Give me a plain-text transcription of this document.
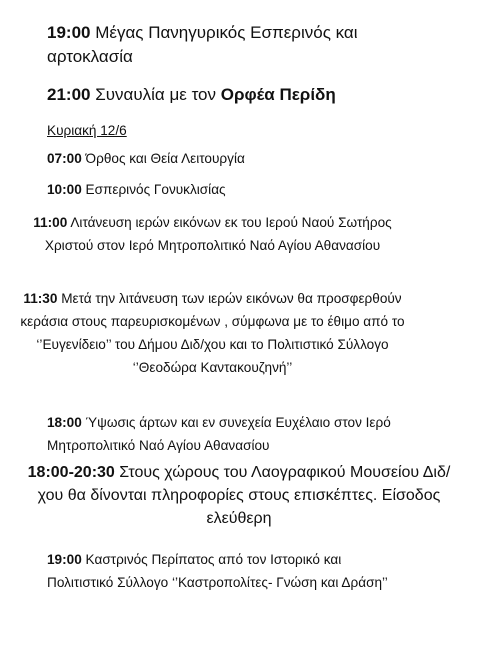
19:00 Μέγας Πανηγυρικός Εσπερινός και αρτοκλασία

21:00 Συναυλία με τον Ορφέα Περίδη

Κυριακή 12/6

07:00 Όρθος και Θεία Λειτουργία

10:00 Εσπερινός Γονυκλισίας

11:00 Λιτάνευση ιερών εικόνων εκ του Ιερού Ναού Σωτήρος Χριστού στον Ιερό Μητροπολιτικό Ναό Αγίου Αθανασίου

11:30 Μετά την λιτάνευση των ιερών εικόνων θα προσφερθούν κεράσια στους παρευρισκομένων , σύμφωνα με το έθιμο από το ‘’Ευγενίδειο’’ του Δήμου Διδ/χου και το Πολιτιστικό Σύλλογο ‘’Θεοδώρα Καντακουζηνή’’

18:00 Ύψωσις άρτων και εν συνεχεία Ευχέλαιο στον Ιερό Μητροπολιτικό Ναό Αγίου Αθανασίου

18:00-20:30 Στους χώρους του Λαογραφικού Μουσείου Διδ/χου θα δίνονται πληροφορίες στους επισκέπτες. Είσοδος ελεύθερη

19:00 Καστρινός Περίπατος από τον Ιστορικό και Πολιτιστικό Σύλλογο ‘’Καστροπολίτες- Γνώση και Δράση’’
